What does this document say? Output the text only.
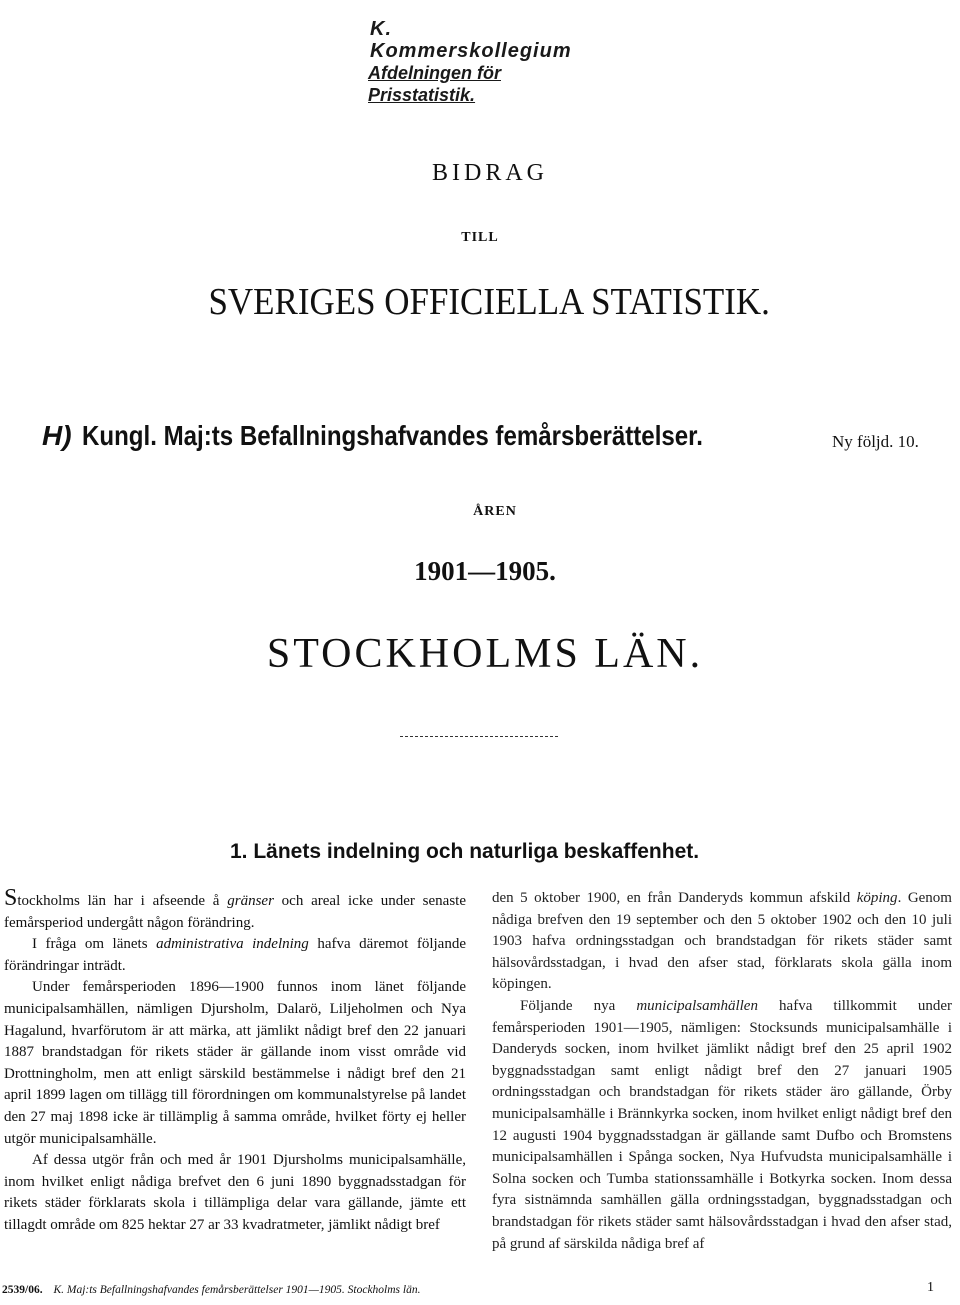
K. Kommerskollegium
Afdelningen för Prisstatistik.
BIDRAG
TILL
SVERIGES OFFICIELLA STATISTIK.
H) Kungl. Maj:ts Befallningshafvandes femårsberättelser.	Ny följd. 10.
ÅREN
1901—1905.
STOCKHOLMS LÄN.
1. Länets indelning och naturliga beskaffenhet.

Stockholms län har i afseende å gränser och areal icke under senaste femårsperiod undergått någon förändring.

I fråga om länets administrativa indelning hafva däremot följande förändringar inträdt.

Under femårsperioden 1896—1900 funnos inom länet följande municipalsamhällen, nämligen Djursholm, Dalarö, Liljeholmen och Nya Hagalund, hvarförutom är att märka, att jämlikt nådigt bref den 22 januari 1887 brandstadgan för rikets städer är gällande inom visst område vid Drottningholm, men att enligt särskild bestämmelse i nådigt bref den 21 april 1899 lagen om tillägg till förordningen om kommunalstyrelse på landet den 27 maj 1898 icke är tillämplig å samma område, hvilket förty ej heller utgör municipalsamhälle.

Af dessa utgör från och med år 1901 Djursholms municipalsamhälle, inom hvilket enligt nådiga brefvet den 6 juni 1890 byggnadsstadgan för rikets städer förklarats skola i tillämpliga delar vara gällande, jämte ett tillagdt område om 825 hektar 27 ar 33 kvadratmeter, jämlikt nådigt bref

den 5 oktober 1900, en från Danderyds kommun afskild köping. Genom nådiga brefven den 19 september och den 5 oktober 1902 och den 10 juli 1903 hafva ordningsstadgan och brandstadgan för rikets städer samt hälsovårdsstadgan, i hvad den afser stad, förklarats skola gälla inom köpingen.

Följande nya municipalsamhällen hafva tillkommit under femårsperioden 1901—1905, nämligen: Stocksunds municipalsamhälle i Danderyds socken, inom hvilket jämlikt nådigt bref den 25 april 1902 byggnadsstadgan samt enligt nådigt bref den 27 januari 1905 ordningsstadgan och brandstadgan för rikets städer äro gällande, Örby municipalsamhälle i Brännkyrka socken, inom hvilket enligt nådigt bref den 12 augusti 1904 byggnadsstadgan är gällande samt Dufbo och Bromstens municipalsamhällen i Spånga socken, Nya Hufvudsta municipalsamhälle i Solna socken och Tumba stationssamhälle i Botkyrka socken. Inom dessa fyra sistnämnda samhällen gälla ordningsstadgan, byggnadsstadgan och brandstadgan för rikets städer samt hälsovårdsstadgan i hvad den afser stad, på grund af särskilda nådiga bref af

2539/06. K. Maj:ts Befallningshafvandes femårsberättelser 1901—1905. Stockholms län.	1
